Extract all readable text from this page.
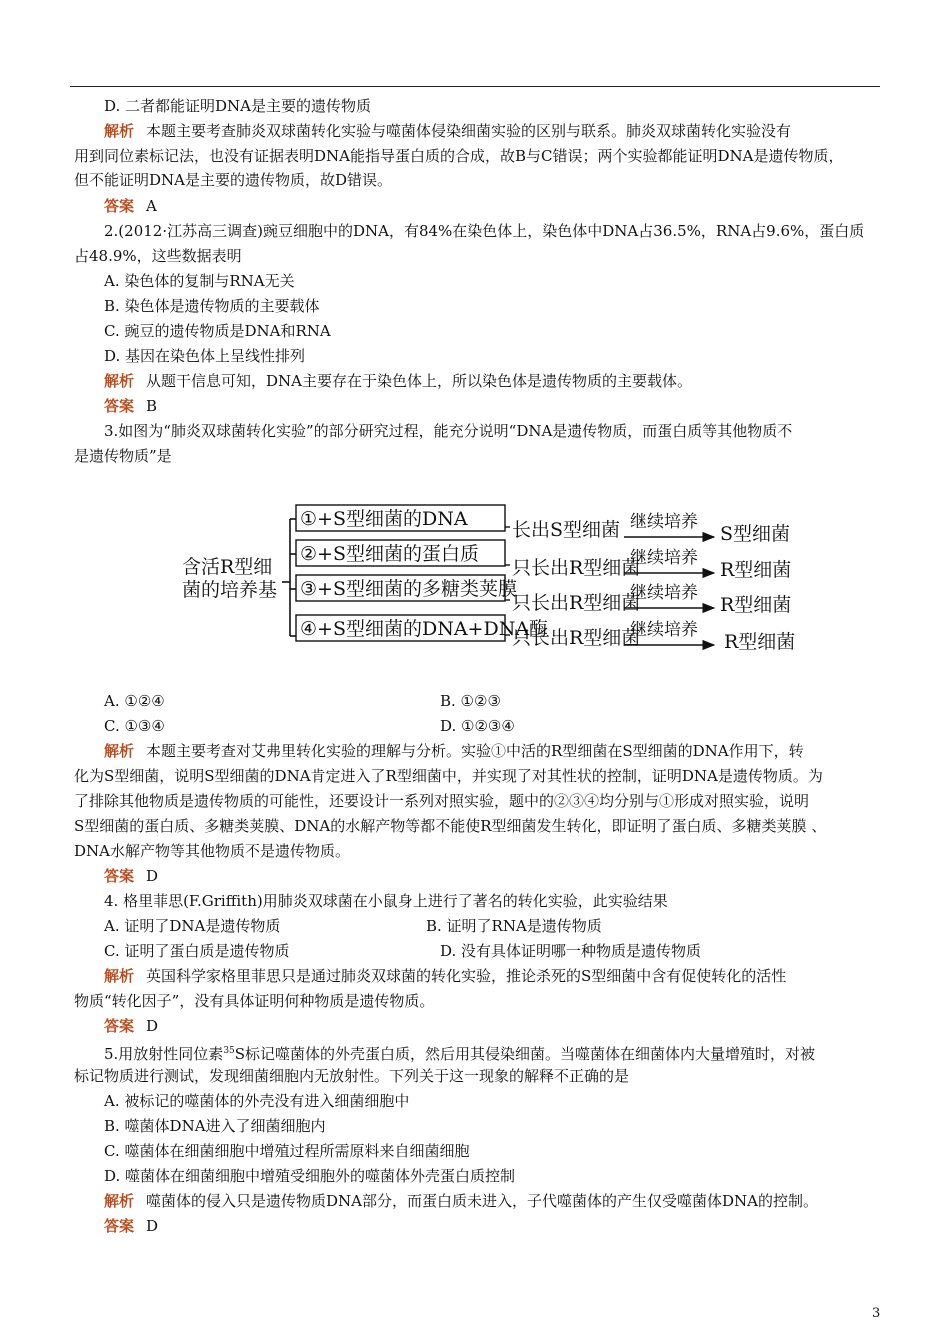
D. 二者都能证明DNA是主要的遗传物质
解析 本题主要考查肺炎双球菌转化实验与噬菌体侵染细菌实验的区别与联系。肺炎双球菌转化实验没有
用到同位素标记法，也没有证据表明DNA能指导蛋白质的合成，故B与C错误；两个实验都能证明DNA是遗传物质，
但不能证明DNA是主要的遗传物质，故D错误。
答案 A
2.(2012·江苏高三调查)豌豆细胞中的DNA，有84%在染色体上，染色体中DNA占36.5%，RNA占9.6%，蛋白质
占48.9%，这些数据表明
A. 染色体的复制与RNA无关
B. 染色体是遗传物质的主要载体
C. 豌豆的遗传物质是DNA和RNA
D. 基因在染色体上呈线性排列
解析 从题干信息可知，DNA主要存在于染色体上，所以染色体是遗传物质的主要载体。
答案 B
3.如图为“肺炎双球菌转化实验”的部分研究过程，能充分说明“DNA是遗传物质，而蛋白质等其他物质不
是遗传物质”是
含活R型细
菌的培养基
①+S型细菌的DNA 长出S型细菌 继续培养
S型细菌
②+S型细菌的蛋白质
只长出R型细菌
继续培养
R型细菌
③+S型细菌的多糖类荚膜
只长出R型细菌
继续培养
R型细菌
④+S型细菌的DNA+DNA酶
只长出R型细菌
继续培养
R型细菌
A. ①②④	B. ①②③
C. ①③④	D. ①②③④
解析 本题主要考查对艾弗里转化实验的理解与分析。实验①中活的R型细菌在S型细菌的DNA作用下，转
化为S型细菌，说明S型细菌的DNA肯定进入了R型细菌中，并实现了对其性状的控制，证明DNA是遗传物质。为
了排除其他物质是遗传物质的可能性，还要设计一系列对照实验，题中的②③④均分别与①形成对照实验，说明
S型细菌的蛋白质、多糖类荚膜、DNA的水解产物等都不能使R型细菌发生转化，即证明了蛋白质、多糖类荚膜 、
DNA水解产物等其他物质不是遗传物质。
答案 D
4. 格里菲思(F.Griffith)用肺炎双球菌在小鼠身上进行了著名的转化实验，此实验结果
A. 证明了DNA是遗传物质	B. 证明了RNA是遗传物质
C. 证明了蛋白质是遗传物质	D. 没有具体证明哪一种物质是遗传物质
解析 英国科学家格里菲思只是通过肺炎双球菌的转化实验，推论杀死的S型细菌中含有促使转化的活性
物质“转化因子”，没有具体证明何种物质是遗传物质。
答案 D
5.用放射性同位素$^{35}$S标记噬菌体的外壳蛋白质，然后用其侵染细菌。当噬菌体在细菌体内大量增殖时，对被
标记物质进行测试，发现细菌细胞内无放射性。下列关于这一现象的解释不正确的是
A. 被标记的噬菌体的外壳没有进入细菌细胞中
B. 噬菌体DNA进入了细菌细胞内
C. 噬菌体在细菌细胞中增殖过程所需原料来自细菌细胞
D. 噬菌体在细菌细胞中增殖受细胞外的噬菌体外壳蛋白质控制
解析 噬菌体的侵入只是遗传物质DNA部分，而蛋白质未进入，子代噬菌体的产生仅受噬菌体DNA的控制。
答案 D
3
